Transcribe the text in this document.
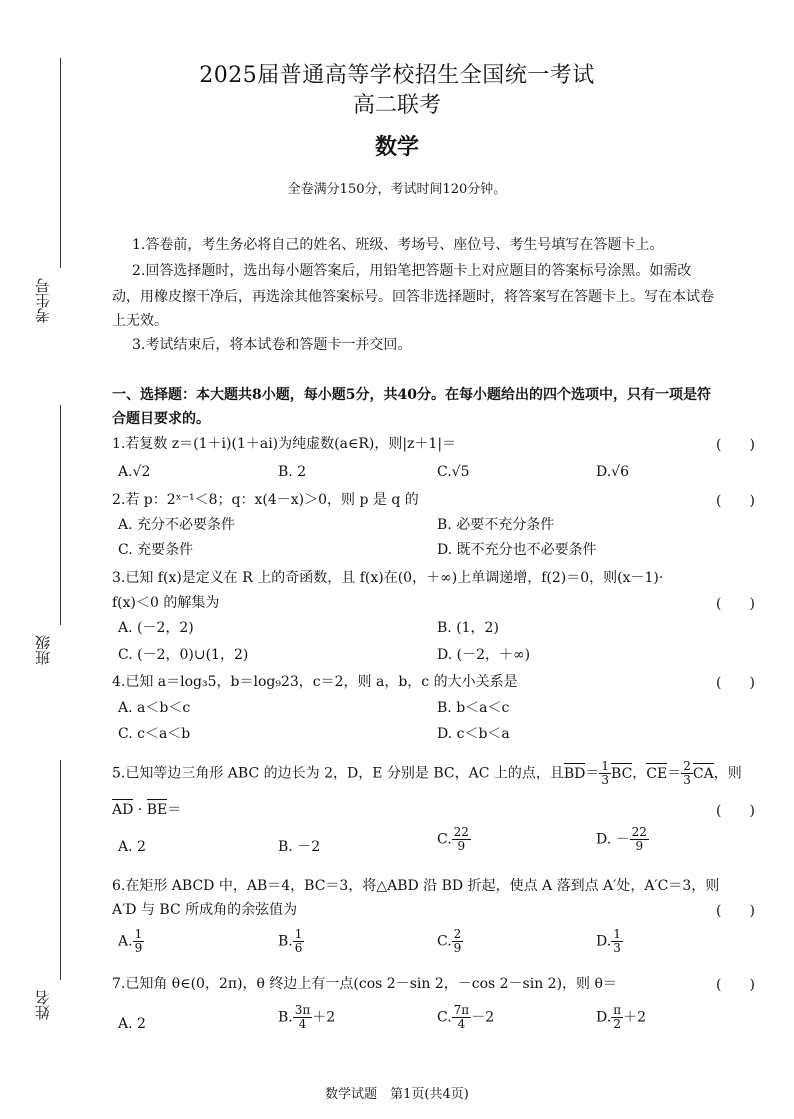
2025届普通高等学校招生全国统一考试
高二联考
数学
全卷满分150分，考试时间120分钟。
考生号
班级
姓名
1.答卷前，考生务必将自己的姓名、班级、考场号、座位号、考生号填写在答题卡上。
2.回答选择题时，选出每小题答案后，用铅笔把答题卡上对应题目的答案标号涂黑。如需改
动，用橡皮擦干净后，再选涂其他答案标号。回答非选择题时，将答案写在答题卡上。写在本试卷
上无效。
3.考试结束后，将本试卷和答题卡一并交回。
一、选择题：本大题共8小题，每小题5分，共40分。在每小题给出的四个选项中，只有一项是符
合题目要求的。
1.若复数 z＝(1＋i)(1＋ai)为纯虚数(a∈R)，则|z＋1|＝	(　　)
A.√2	B. 2	C.√5	D.√6
2.若 p：2ˣ⁻¹＜8；q：x(4－x)＞0，则 p 是 q 的	(　　)
A. 充分不必要条件	B. 必要不充分条件
C. 充要条件	D. 既不充分也不必要条件
3.已知 f(x)是定义在 R 上的奇函数，且 f(x)在(0，＋∞)上单调递增，f(2)＝0，则(x－1)·
f(x)＜0 的解集为	(　　)
A. (－2，2)	B. (1，2)
C. (－2，0)∪(1，2)	D. (－2，＋∞)
4.已知 a＝log₃5，b＝log₉23，c＝2，则 a，b，c 的大小关系是	(　　)
A. a＜b＜c	B. b＜a＜c
C. c＜a＜b	D. c＜b＜a
5.已知等边三角形 ABC 的边长为 2，D，E 分别是 BC，AC 上的点，且$BD= \frac{1}{3}$ BC，$CE= \frac{2}{3}$ CA，则
AD · BE＝	(　　)
A. 2	B. －2	C. $\frac{22}{9}$	D. － $\frac{22}{9}$
6.在矩形 ABCD 中，AB＝4，BC＝3，将△ABD 沿 BD 折起，使点 A 落到点 A′处，A′C＝3，则
A′D 与 BC 所成角的余弦值为	(　　)
A. $\frac{1}{9}$	B. $\frac{1}{6}$	C. $\frac{2}{9}$	D. $\frac{1}{3}$
7.已知角 θ∈(0，2π)，θ 终边上有一点(cos 2－sin 2，－cos 2－sin 2)，则 θ＝	(　　)
A. 2	B. $\frac{3\pi}{4} +2$	C. $\frac{7\pi}{4} -2$	D. $\frac{\pi}{2} +2$
数学试题　第1页(共4页)
